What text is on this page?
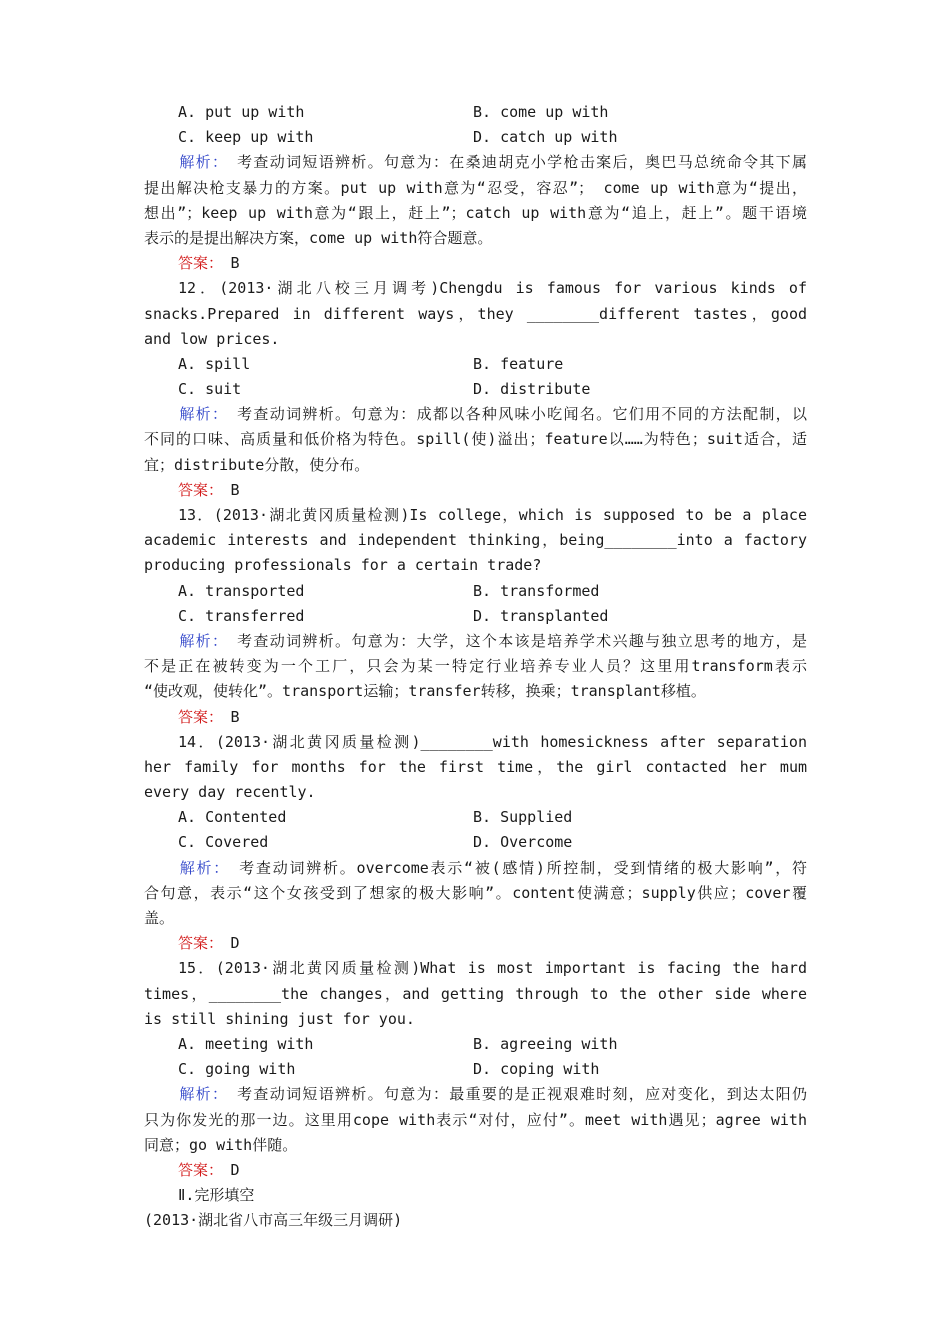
A. put up with	B. come up with
C. keep up with	D. catch up with
解析：　 考查动词短语辨析。句意为：在桑迪胡克小学枪击案后，奥巴马总统命令其下属
提出解决枪支暴力的方案。put up with意为“忍受，容忍”； come up with意为“提出，
想出”；keep up with意为“跟上，赶上”；catch up with意为“追上，赶上”。题干语境
表示的是提出解决方案，come up with符合题意。
答案：　 B
12．(2013·湖北八校三月调考)Chengdu is famous for various kinds of
snacks.Prepared in different ways，they ________different tastes，good
and low prices.
A. spill	B. feature
C. suit	D. distribute
解析：　 考查动词辨析。句意为：成都以各种风味小吃闻名。它们用不同的方法配制，以
不同的口味、高质量和低价格为特色。spill(使)溢出；feature以……为特色；suit适合，适
宜；distribute分散，使分布。
答案：　 B
13．(2013·湖北黄冈质量检测)Is college，which is supposed to be a place
academic interests and independent thinking，being________into a factory
producing professionals for a certain trade?
A. transported	B. transformed
C. transferred	D. transplanted
解析：　 考查动词辨析。句意为：大学，这个本该是培养学术兴趣与独立思考的地方，是
不是正在被转变为一个工厂，只会为某一特定行业培养专业人员？这里用transform表示
“使改观，使转化”。transport运输；transfer转移，换乘；transplant移植。
答案：　 B
14．(2013·湖北黄冈质量检测)________with homesickness after separation
her family for months for the first time，the girl contacted her mum
every day recently.
A. Contented	B. Supplied
C. Covered	D. Overcome
解析：　 考查动词辨析。overcome表示“被(感情)所控制，受到情绪的极大影响”，符
合句意，表示“这个女孩受到了想家的极大影响”。content使满意；supply供应；cover覆
盖。
答案：　 D
15．(2013·湖北黄冈质量检测)What is most important is facing the hard
times，________the changes，and getting through to the other side where
is still shining just for you.
A. meeting with	B. agreeing with
C. going with	D. coping with
解析：　 考查动词短语辨析。句意为：最重要的是正视艰难时刻，应对变化，到达太阳仍
只为你发光的那一边。这里用cope with表示“对付，应付”。meet with遇见；agree with
同意；go with伴随。
答案：　 D
Ⅱ.完形填空
(2013·湖北省八市高三年级三月调研)
